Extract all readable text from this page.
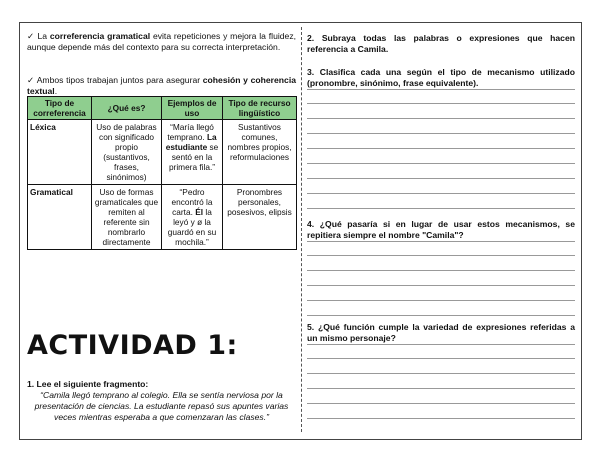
✓ La correferencia gramatical evita repeticiones y mejora la fluidez, aunque depende más del contexto para su correcta interpretación.
✓ Ambos tipos trabajan juntos para asegurar cohesión y coherencia textual.
Tipo de correferencia	¿Qué es?	Ejemplos de uso	Tipo de recurso lingüístico
Léxica	Uso de palabras con significado propio (sustantivos, frases, sinónimos)	“María llegó temprano. La estudiante se sentó en la primera fila.”	Sustantivos comunes, nombres propios, reformulaciones
Gramatical	Uso de formas gramaticales que remiten al referente sin nombrarlo directamente	“Pedro encontró la carta. Él la leyó y ø la guardó en su mochila.”	Pronombres personales, posesivos, elipsis
ACTIVIDAD 1:
1. Lee el siguiente fragmento:
“Camila llegó temprano al colegio. Ella se sentía nerviosa por la presentación de ciencias. La estudiante repasó sus apuntes varias veces mientras esperaba a que comenzaran las clases.”
2. Subraya todas las palabras o expresiones que hacen referencia a Camila.
3. Clasifica cada una según el tipo de mecanismo utilizado (pronombre, sinónimo, frase equivalente).
4. ¿Qué pasaría si en lugar de usar estos mecanismos, se repitiera siempre el nombre "Camila"?
5. ¿Qué función cumple la variedad de expresiones referidas a un mismo personaje?
